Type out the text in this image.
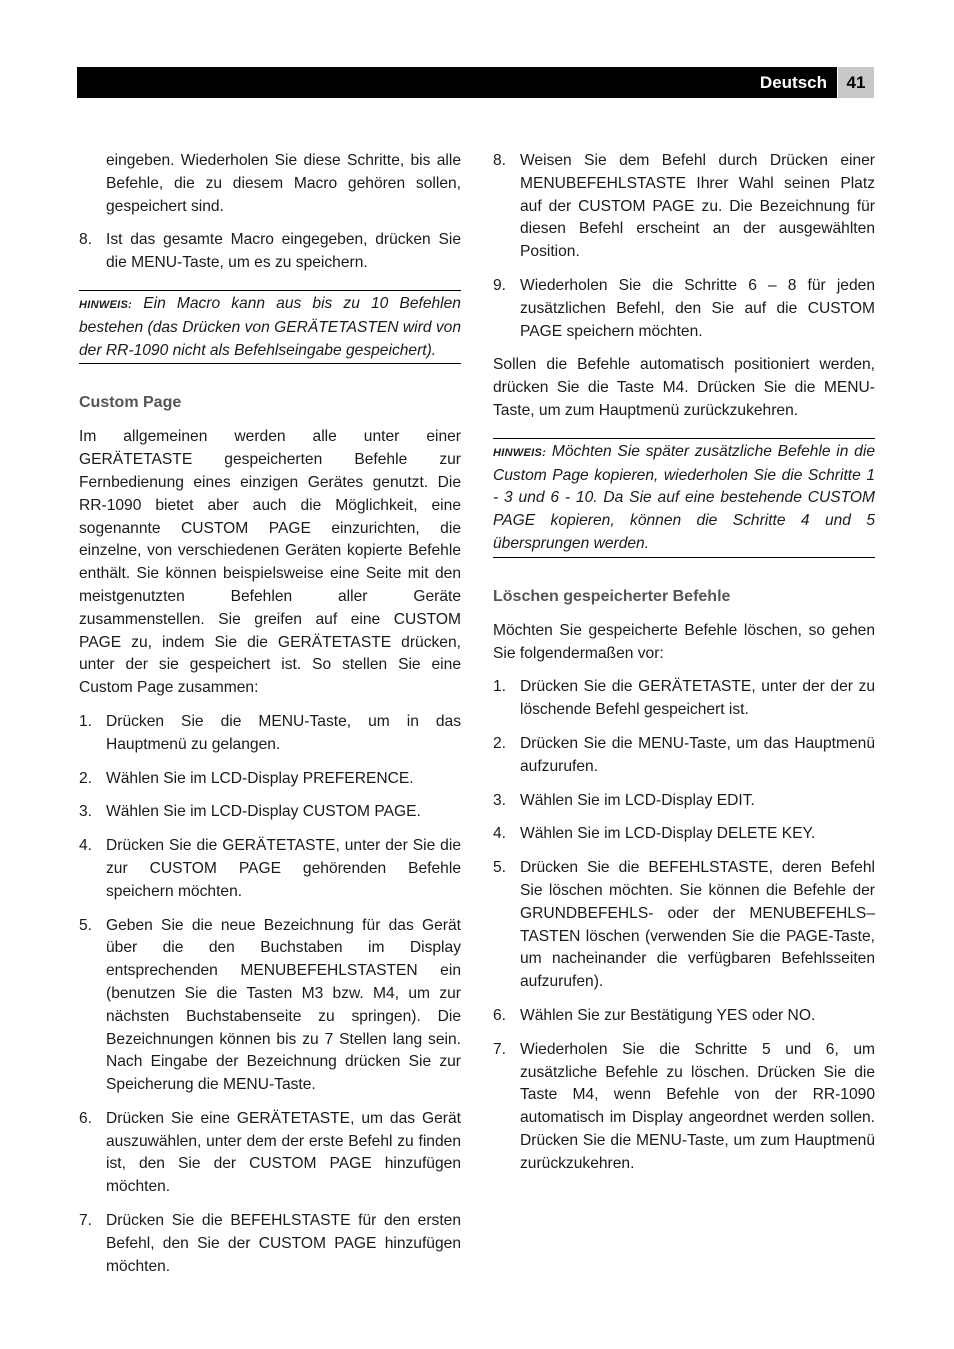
Deutsch	41

eingeben. Wiederholen Sie diese Schritte, bis alle Befehle, die zu diesem Macro gehören sollen, gespeichert sind.

8. Ist das gesamte Macro eingegeben, drücken Sie die MENU-Taste, um es zu speichern.
HINWEIS: Ein Macro kann aus bis zu 10 Befehlen bestehen (das Drücken von GERÄTETASTEN wird von der RR-1090 nicht als Befehlseingabe gespeichert).
Custom Page

Im allgemeinen werden alle unter einer GERÄTETASTE gespeicherten Befehle zur Fernbedienung eines einzigen Gerätes genutzt. Die RR-1090 bietet aber auch die Möglichkeit, eine sogenannte CUSTOM PAGE einzurichten, die einzelne, von verschiedenen Geräten kopierte Befehle enthält. Sie können beispielsweise eine Seite mit den meistgenutzten Befehlen aller Geräte zusammenstellen. Sie greifen auf eine CUSTOM PAGE zu, indem Sie die GERÄTETASTE drücken, unter der sie gespeichert ist. So stellen Sie eine Custom Page zusammen:

1. Drücken Sie die MENU-Taste, um in das Hauptmenü zu gelangen.
2. Wählen Sie im LCD-Display PREFERENCE.
3. Wählen Sie im LCD-Display CUSTOM PAGE.
4. Drücken Sie die GERÄTETASTE, unter der Sie die zur CUSTOM PAGE gehörenden Befehle speichern möchten.
5. Geben Sie die neue Bezeichnung für das Gerät über die den Buchstaben im Display entsprechenden MENUBEFEHLSTASTEN ein (benutzen Sie die Tasten M3 bzw. M4, um zur nächsten Buchstabenseite zu springen). Die Bezeichnungen können bis zu 7 Stellen lang sein. Nach Eingabe der Bezeichnung drücken Sie zur Speicherung die MENU-Taste.
6. Drücken Sie eine GERÄTETASTE, um das Gerät auszuwählen, unter dem der erste Befehl zu finden ist, den Sie der CUSTOM PAGE hinzufügen möchten.
7. Drücken Sie die BEFEHLSTASTE für den ersten Befehl, den Sie der CUSTOM PAGE hinzufügen möchten.
8. Weisen Sie dem Befehl durch Drücken einer MENUBEFEHLSTASTE Ihrer Wahl seinen Platz auf der CUSTOM PAGE zu. Die Bezeichnung für diesen Befehl erscheint an der ausgewählten Position.
9. Wiederholen Sie die Schritte 6 – 8 für jeden zusätzlichen Befehl, den Sie auf die CUSTOM PAGE speichern möchten.

Sollen die Befehle automatisch positioniert werden, drücken Sie die Taste M4. Drücken Sie die MENU-Taste, um zum Hauptmenü zurückzukehren.

HINWEIS: Möchten Sie später zusätzliche Befehle in die Custom Page kopieren, wiederholen Sie die Schritte 1 - 3 und 6 - 10. Da Sie auf eine bestehende CUSTOM PAGE kopieren, können die Schritte 4 und 5 übersprungen werden.
Löschen gespeicherter Befehle

Möchten Sie gespeicherte Befehle löschen, so gehen Sie folgendermaßen vor:

1. Drücken Sie die GERÄTETASTE, unter der der zu löschende Befehl gespeichert ist.
2. Drücken Sie die MENU-Taste, um das Hauptmenü aufzurufen.
3. Wählen Sie im LCD-Display EDIT.
4. Wählen Sie im LCD-Display DELETE KEY.
5. Drücken Sie die BEFEHLSTASTE, deren Befehl Sie löschen möchten. Sie können die Befehle der GRUNDBEFEHLS- oder der MENUBEFEHLS–TASTEN löschen (verwenden Sie die PAGE-Taste, um nacheinander die verfügbaren Befehlsseiten aufzurufen).
6. Wählen Sie zur Bestätigung YES oder NO.
7. Wiederholen Sie die Schritte 5 und 6, um zusätzliche Befehle zu löschen. Drücken Sie die Taste M4, wenn Befehle von der RR-1090 automatisch im Display angeordnet werden sollen. Drücken Sie die MENU-Taste, um zum Hauptmenü zurückzukehren.
